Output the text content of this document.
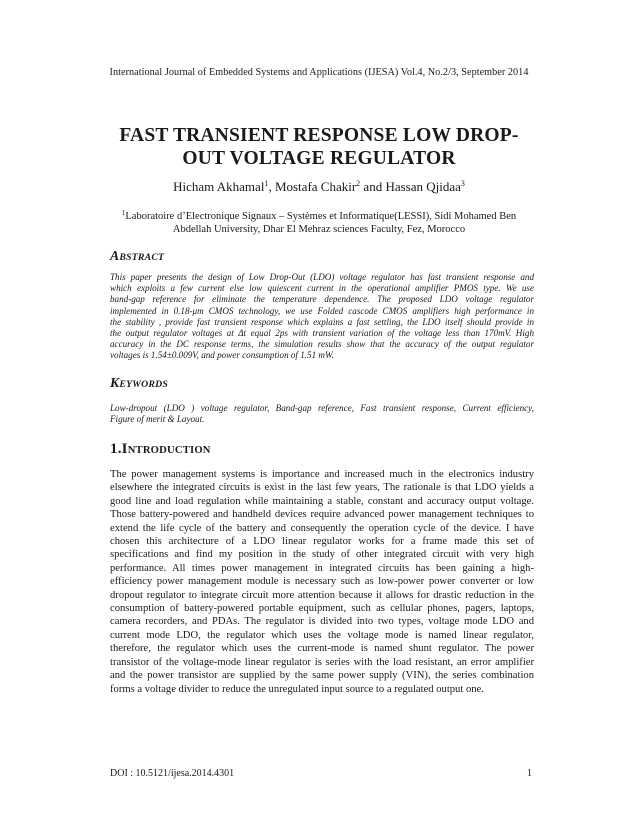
International Journal of Embedded Systems and Applications (IJESA) Vol.4, No.2/3, September 2014
FAST TRANSIENT RESPONSE LOW DROP-
OUT VOLTAGE REGULATOR
Hicham Akhamal$^1$, Mostafa Chakir$^2$ and Hassan Qjidaa$^3$
$^1$Laboratoire d’Electronique Signaux – Systèmes et Informatique(LESSI), Sidi Mohamed Ben
Abdellah University, Dhar El Mehraz sciences Faculty, Fez, Morocco
ABSTRACT
This paper presents the design of Low Drop-Out (LDO) voltage regulator has fast transient response and
which exploits a few current else low quiescent current in the operational amplifier PMOS type. We use
band-gap reference for eliminate the temperature dependence. The proposed LDO voltage regulator
implemented in 0.18-μm CMOS technology, we use Folded cascode CMOS amplifiers high performance in
the stability , provide fast transient response which explains a fast settling, the LDO itself should provide in
the output regulator voltages at Δt equal 2ps with transient variation of the voltage less than 170mV. High
accuracy in the DC response terms, the simulation results show that the accuracy of the output regulator
voltages is 1.54±0.009V, and power consumption of 1.51 mW.
KEYWORDS
Low-dropout (LDO ) voltage regulator, Band-gap reference, Fast transient response, Current efficiency,
Figure of merit & Layout.
1.INTRODUCTION
The power management systems is importance and increased much in the electronics industry
elsewhere the integrated circuits is exist in the last few years, The rationale is that LDO yields a
good line and load regulation while maintaining a stable, constant and accuracy output voltage.
Those battery-powered and handheld devices require advanced power management techniques to
extend the life cycle of the battery and consequently the operation cycle of the device. I have
chosen this architecture of a LDO linear regulator works for a frame made this set of
specifications and find my position in the study of other integrated circuit with very high
performance. All times power management in integrated circuits has been gaining a high-
efficiency power management module is necessary such as low-power power converter or low
dropout regulator to integrate circuit more attention because it allows for drastic reduction in the
consumption of battery-powered portable equipment, such as cellular phones, pagers, laptops,
camera recorders, and PDAs. The regulator is divided into two types, voltage mode LDO and
current mode LDO, the regulator which uses the voltage mode is named linear regulator,
therefore, the regulator which uses the current-mode is named shunt regulator. The power
transistor of the voltage-mode linear regulator is series with the load resistant, an error amplifier
and the power transistor are supplied by the same power supply (VIN), the series combination
forms a voltage divider to reduce the unregulated input source to a regulated output one.
DOI : 10.5121/ijesa.2014.4301	1
